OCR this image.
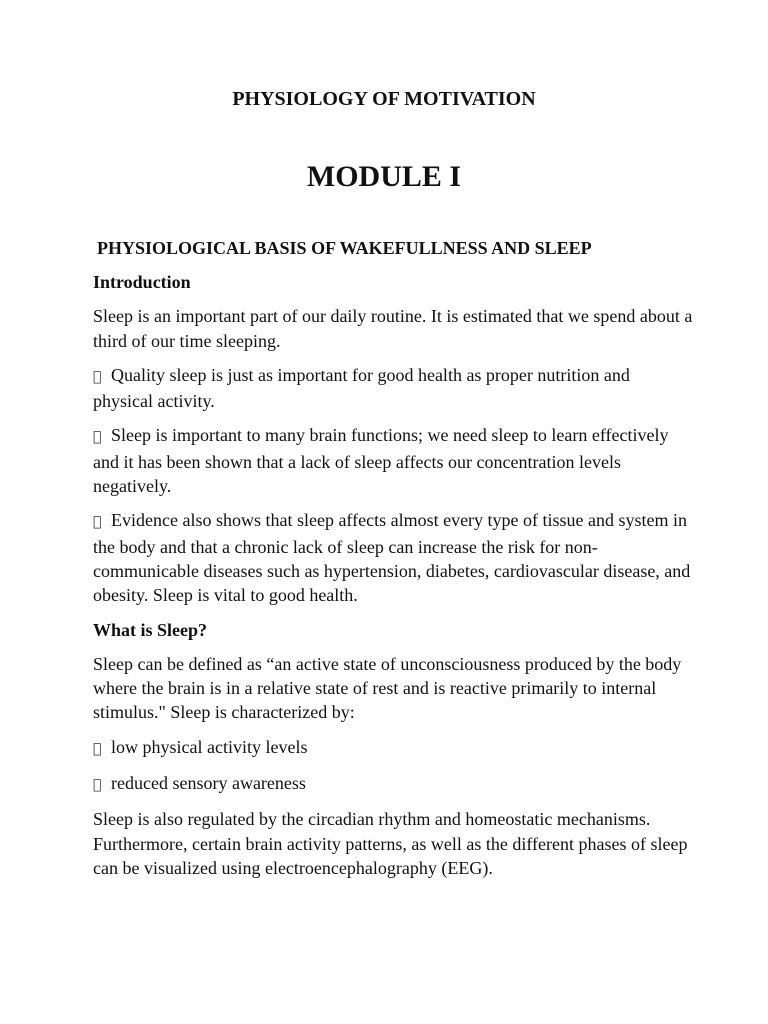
PHYSIOLOGY OF MOTIVATION
MODULE I
PHYSIOLOGICAL BASIS OF WAKEFULLNESS AND SLEEP
Introduction

Sleep is an important part of our daily routine. It is estimated that we spend about a third of our time sleeping.

Quality sleep is just as important for good health as proper nutrition and physical activity.

Sleep is important to many brain functions; we need sleep to learn effectively and it has been shown that a lack of sleep affects our concentration levels negatively.

Evidence also shows that sleep affects almost every type of tissue and system in the body and that a chronic lack of sleep can increase the risk for non-communicable diseases such as hypertension, diabetes, cardiovascular disease, and obesity. Sleep is vital to good health.

What is Sleep?

Sleep can be defined as “an active state of unconsciousness produced by the body where the brain is in a relative state of rest and is reactive primarily to internal stimulus." Sleep is characterized by:

low physical activity levels

reduced sensory awareness

Sleep is also regulated by the circadian rhythm and homeostatic mechanisms. Furthermore, certain brain activity patterns, as well as the different phases of sleep can be visualized using electroencephalography (EEG).
